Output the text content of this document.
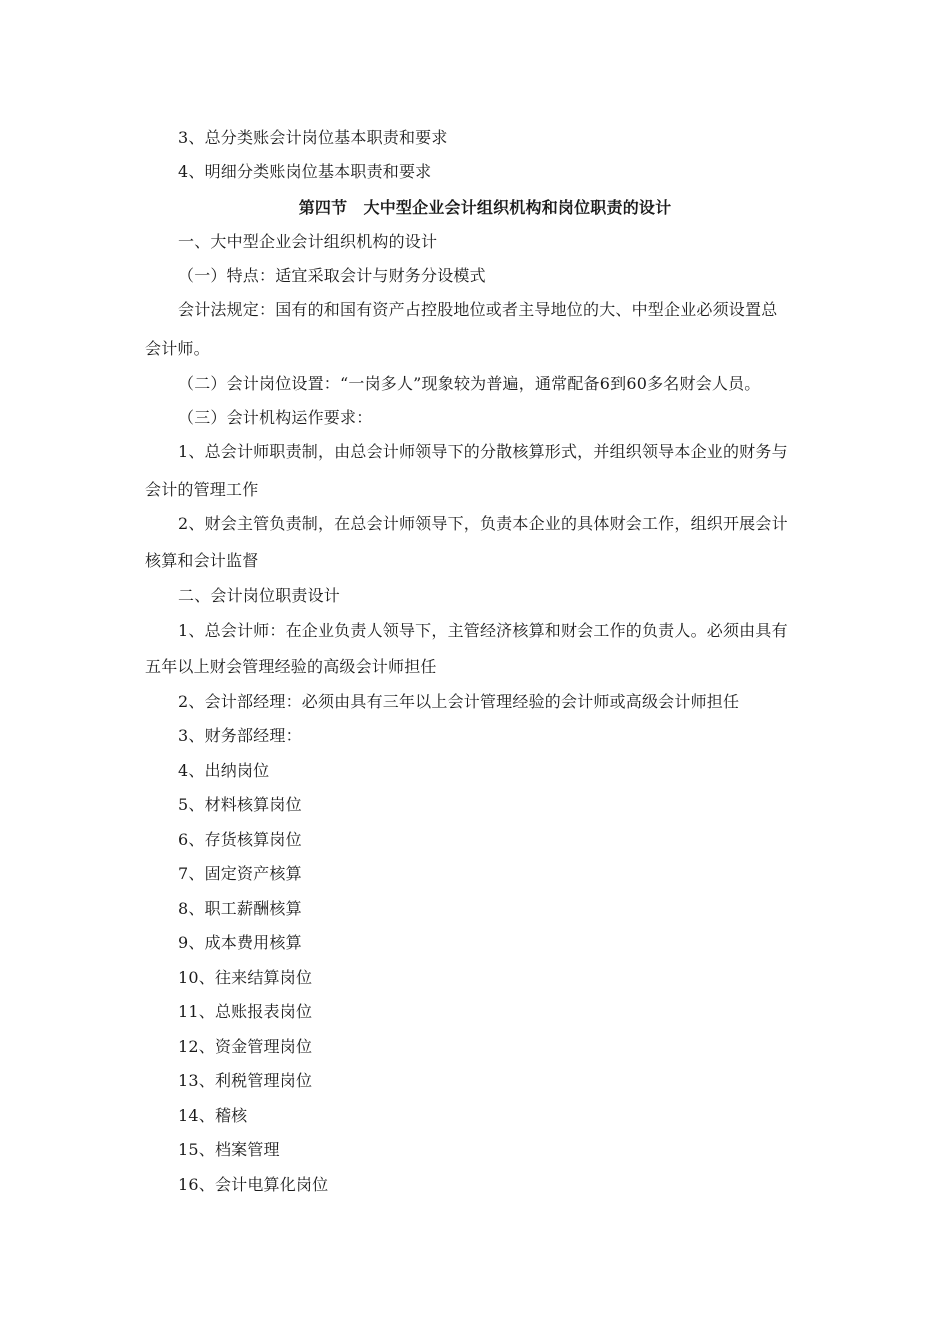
3、总分类账会计岗位基本职责和要求
4、明细分类账岗位基本职责和要求
第四节　大中型企业会计组织机构和岗位职责的设计
一、大中型企业会计组织机构的设计
（一）特点：适宜采取会计与财务分设模式
会计法规定：国有的和国有资产占控股地位或者主导地位的大、中型企业必须设置总
会计师。
（二）会计岗位设置：“一岗多人”现象较为普遍，通常配备6到60多名财会人员。
（三）会计机构运作要求：
1、总会计师职责制，由总会计师领导下的分散核算形式，并组织领导本企业的财务与
会计的管理工作
2、财会主管负责制，在总会计师领导下，负责本企业的具体财会工作，组织开展会计
核算和会计监督
二、会计岗位职责设计
1、总会计师：在企业负责人领导下，主管经济核算和财会工作的负责人。必须由具有
五年以上财会管理经验的高级会计师担任
2、会计部经理：必须由具有三年以上会计管理经验的会计师或高级会计师担任
3、财务部经理：
4、出纳岗位
5、材料核算岗位
6、存货核算岗位
7、固定资产核算
8、职工薪酬核算
9、成本费用核算
10、往来结算岗位
11、总账报表岗位
12、资金管理岗位
13、利税管理岗位
14、稽核
15、档案管理
16、会计电算化岗位
